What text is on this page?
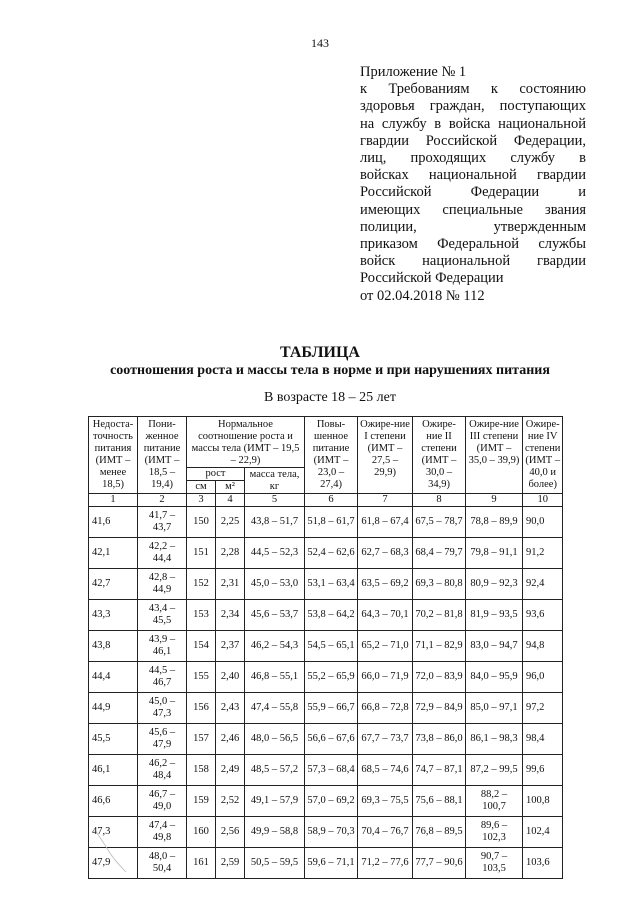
143
Приложение № 1
к Требованиям к состоянию
здоровья граждан, поступающих
на службу в войска национальной
гвардии Российской Федерации,
лиц, проходящих службу в
войсках национальной гвардии
Российской Федерации и
имеющих специальные звания
полиции, утвержденным
приказом Федеральной службы
войск национальной гвардии
Российской Федерации
от 02.04.2018 № 112
ТАБЛИЦА
соотношения роста и массы тела в норме и при нарушениях питания
В возрасте 18 – 25 лет
Недоста-точность питания (ИМТ – менее 18,5)	Пони-женное питание (ИМТ – 18,5 – 19,4)	Нормальное соотношение роста и массы тела (ИМТ – 19,5 – 22,9)			Повы-шенное питание (ИМТ – 23,0 – 27,4)	Ожире-ние I степени (ИМТ – 27,5 – 29,9)	Ожире-ние II степени (ИМТ – 30,0 – 34,9)	Ожире-ние III степени (ИМТ – 35,0 – 39,9)	Ожире-ние IV степени (ИМТ – 40,0 и более)
		рост		масса тела, кг					
		см	м²						
1	2	3	4	5	6	7	8	9	10
41,6	41,7 – 43,7	150	2,25	43,8 – 51,7	51,8 – 61,7	61,8 – 67,4	67,5 – 78,7	78,8 – 89,9	90,0
42,1	42,2 – 44,4	151	2,28	44,5 – 52,3	52,4 – 62,6	62,7 – 68,3	68,4 – 79,7	79,8 – 91,1	91,2
42,7	42,8 – 44,9	152	2,31	45,0 – 53,0	53,1 – 63,4	63,5 – 69,2	69,3 – 80,8	80,9 – 92,3	92,4
43,3	43,4 – 45,5	153	2,34	45,6 – 53,7	53,8 – 64,2	64,3 – 70,1	70,2 – 81,8	81,9 – 93,5	93,6
43,8	43,9 – 46,1	154	2,37	46,2 – 54,3	54,5 – 65,1	65,2 – 71,0	71,1 – 82,9	83,0 – 94,7	94,8
44,4	44,5 – 46,7	155	2,40	46,8 – 55,1	55,2 – 65,9	66,0 – 71,9	72,0 – 83,9	84,0 – 95,9	96,0
44,9	45,0 – 47,3	156	2,43	47,4 – 55,8	55,9 – 66,7	66,8 – 72,8	72,9 – 84,9	85,0 – 97,1	97,2
45,5	45,6 – 47,9	157	2,46	48,0 – 56,5	56,6 – 67,6	67,7 – 73,7	73,8 – 86,0	86,1 – 98,3	98,4
46,1	46,2 – 48,4	158	2,49	48,5 – 57,2	57,3 – 68,4	68,5 – 74,6	74,7 – 87,1	87,2 – 99,5	99,6
46,6	46,7 – 49,0	159	2,52	49,1 – 57,9	57,0 – 69,2	69,3 – 75,5	75,6 – 88,1	88,2 – 100,7	100,8
47,3	47,4 – 49,8	160	2,56	49,9 – 58,8	58,9 – 70,3	70,4 – 76,7	76,8 – 89,5	89,6 – 102,3	102,4
47,9	48,0 – 50,4	161	2,59	50,5 – 59,5	59,6 – 71,1	71,2 – 77,6	77,7 – 90,6	90,7 – 103,5	103,6
